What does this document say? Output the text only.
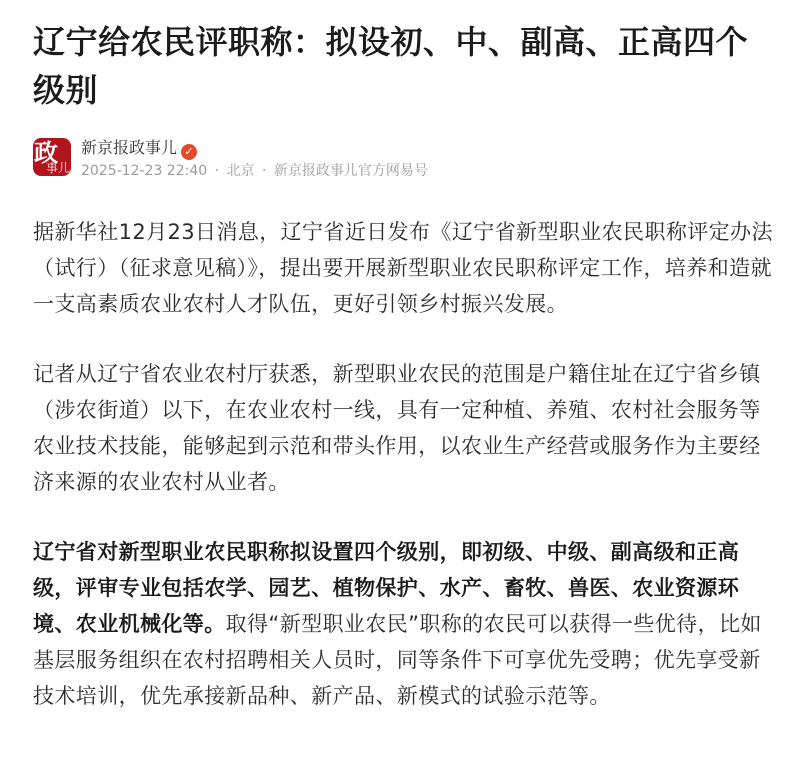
辽宁给农民评职称：拟设初、中、副高、正高四个级别
政
事儿
新京报政事儿 ✓
2025-12-23 22:40 · 北京 · 新京报政事儿官方网易号

据新华社12月23日消息，辽宁省近日发布《辽宁省新型职业农民职称评定办法（试行）（征求意见稿）》，提出要开展新型职业农民职称评定工作，培养和造就一支高素质农业农村人才队伍，更好引领乡村振兴发展。

记者从辽宁省农业农村厅获悉，新型职业农民的范围是户籍住址在辽宁省乡镇（涉农街道）以下，在农业农村一线，具有一定种植、养殖、农村社会服务等农业技术技能，能够起到示范和带头作用，以农业生产经营或服务作为主要经济来源的农业农村从业者。

辽宁省对新型职业农民职称拟设置四个级别，即初级、中级、副高级和正高级，评审专业包括农学、园艺、植物保护、水产、畜牧、兽医、农业资源环境、农业机械化等。取得“新型职业农民”职称的农民可以获得一些优待，比如基层服务组织在农村招聘相关人员时，同等条件下可享优先受聘；优先享受新技术培训，优先承接新品种、新产品、新模式的试验示范等。
